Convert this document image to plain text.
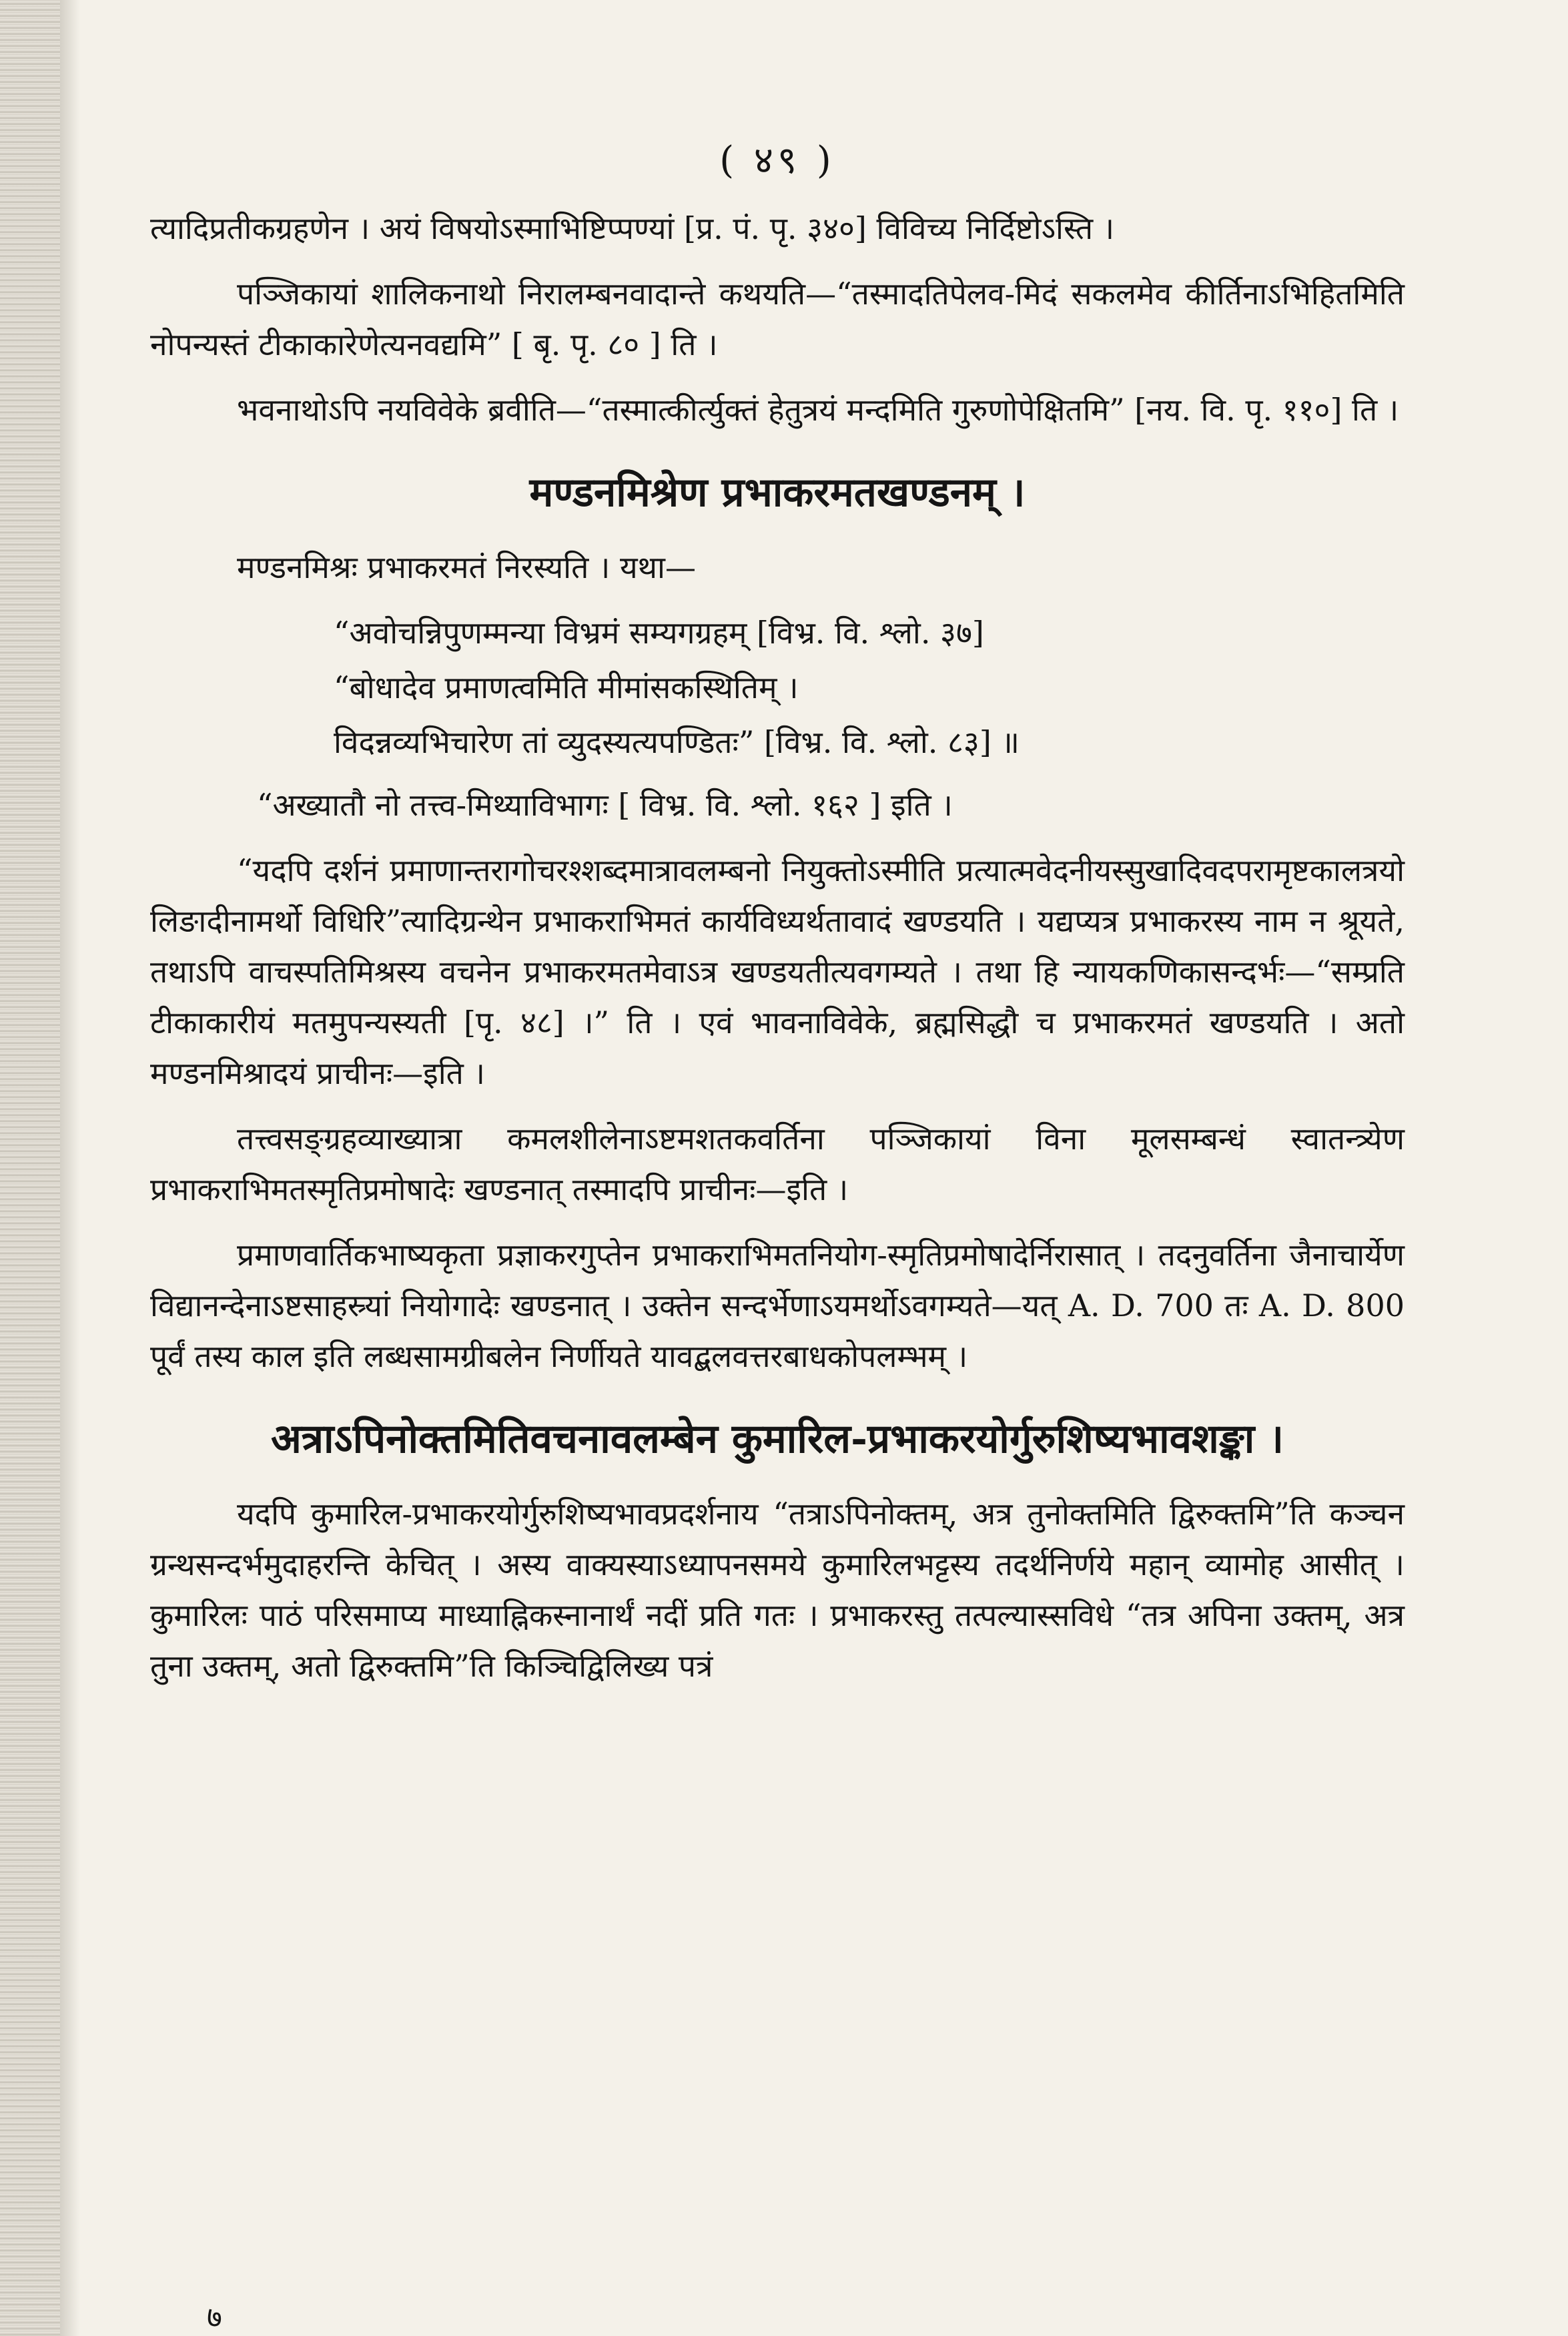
( ४९ )

त्यादिप्रतीकग्रहणेन । अयं विषयोऽस्माभिष्टिप्पण्यां [प्र. पं. पृ. ३४०] विविच्य निर्दिष्टोऽस्ति ।

पञ्जिकायां शालिकनाथो निरालम्बनवादान्ते कथयति—“तस्मादतिपेलव-मिदं सकलमेव कीर्तिनाऽभिहितमिति नोपन्यस्तं टीकाकारेणेत्यनवद्यमि” [ बृ. पृ. ८० ] ति ।

भवनाथोऽपि नयविवेके ब्रवीति—“तस्मात्कीर्त्युक्तं हेतुत्रयं मन्दमिति गुरुणोपेक्षितमि” [नय. वि. पृ. ११०] ति ।

मण्डनमिश्रेण प्रभाकरमतखण्डनम् ।

मण्डनमिश्रः प्रभाकरमतं निरस्यति । यथा—

“अवोचन्निपुणम्मन्या विभ्रमं सम्यगग्रहम् [विभ्र. वि. श्लो. ३७]

“बोधादेव प्रमाणत्वमिति मीमांसकस्थितिम् ।

विदन्नव्यभिचारेण तां व्युदस्यत्यपण्डितः” [विभ्र. वि. श्लो. ८३] ॥

“अख्यातौ नो तत्त्व-मिथ्याविभागः [ विभ्र. वि. श्लो. १६२ ] इति ।

“यदपि दर्शनं प्रमाणान्तरागोचरश्शब्दमात्रावलम्बनो नियुक्तोऽस्मीति प्रत्यात्मवेदनीयस्सुखादिवदपरामृष्टकालत्रयो लिङादीनामर्थो विधिरि”त्यादिग्रन्थेन प्रभाकराभिमतं कार्यविध्यर्थतावादं खण्डयति । यद्यप्यत्र प्रभाकरस्य नाम न श्रूयते, तथाऽपि वाचस्पतिमिश्रस्य वचनेन प्रभाकरमतमेवाऽत्र खण्डयतीत्यवगम्यते । तथा हि न्यायकणिकासन्दर्भः—“सम्प्रति टीकाकारीयं मतमुपन्यस्यती [पृ. ४८] ।” ति । एवं भावनाविवेके, ब्रह्मसिद्धौ च प्रभाकरमतं खण्डयति । अतो मण्डनमिश्रादयं प्राचीनः—इति ।

तत्त्वसङ्ग्रहव्याख्यात्रा कमलशीलेनाऽष्टमशतकवर्तिना पञ्जिकायां विना मूलसम्बन्धं स्वातन्त्र्येण प्रभाकराभिमतस्मृतिप्रमोषादेः खण्डनात् तस्मादपि प्राचीनः—इति ।

प्रमाणवार्तिकभाष्यकृता प्रज्ञाकरगुप्तेन प्रभाकराभिमतनियोग-स्मृतिप्रमोषादेर्निरासात् । तदनुवर्तिना जैनाचार्येण विद्यानन्देनाऽष्टसाहस्र्यां नियोगादेः खण्डनात् । उक्तेन सन्दर्भेणाऽयमर्थोऽवगम्यते—यत् A. D. 700 तः A. D. 800 पूर्वं तस्य काल इति लब्धसामग्रीबलेन निर्णीयते यावद्बलवत्तरबाधकोपलम्भम् ।

अत्राऽपिनोक्तमितिवचनावलम्बेन कुमारिल-प्रभाकरयोर्गुरुशिष्यभावशङ्का ।

यदपि कुमारिल-प्रभाकरयोर्गुरुशिष्यभावप्रदर्शनाय “तत्राऽपिनोक्तम्, अत्र तुनोक्तमिति द्विरुक्तमि”ति कञ्चन ग्रन्थसन्दर्भमुदाहरन्ति केचित् । अस्य वाक्यस्याऽध्यापनसमये कुमारिलभट्टस्य तदर्थनिर्णये महान् व्यामोह आसीत् । कुमारिलः पाठं परिसमाप्य माध्याह्निकस्नानार्थं नदीं प्रति गतः । प्रभाकरस्तु तत्पल्यास्सविधे “तत्र अपिना उक्तम्, अत्र तुना उक्तम्, अतो द्विरुक्तमि”ति किञ्चिद्विलिख्य पत्रं

७
